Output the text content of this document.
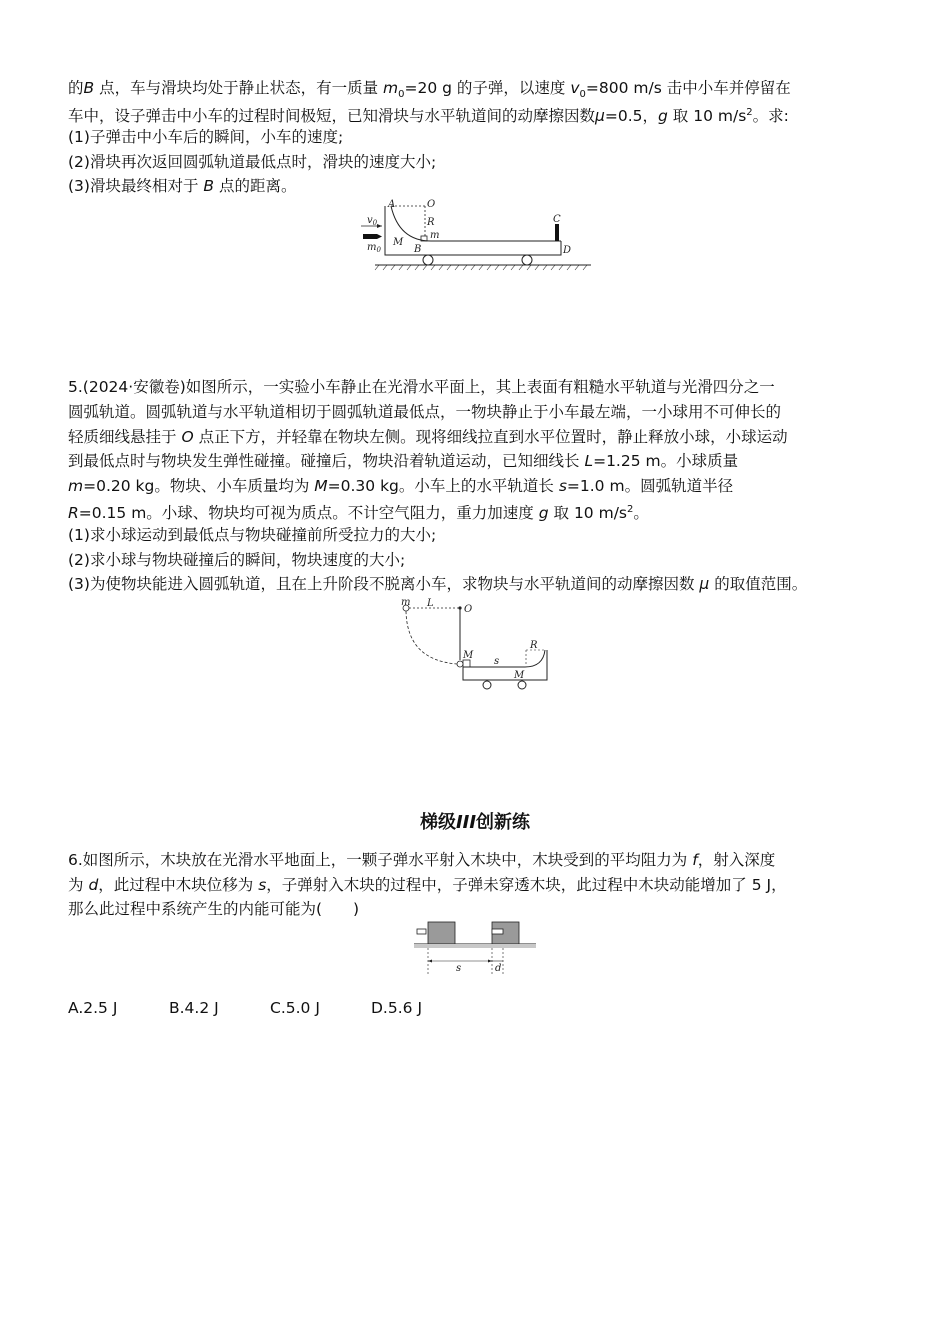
的B 点，车与滑块均处于静止状态，有一质量 $m_0=20$ g 的子弹，以速度 $v_0=800$ m/s 击中小车并停留在
车中，设子弹击中小车的过程时间极短，已知滑块与水平轨道间的动摩擦因数μ=0.5，g 取 10 $m/s^2$。求:
(1)子弹击中小车后的瞬间，小车的速度;
(2)滑块再次返回圆弧轨道最低点时，滑块的速度大小;
(3)滑块最终相对于 B 点的距离。
A	O
R
m
C
$v_0$
M
$m_0$	B	D
5.(2024·安徽卷)如图所示，一实验小车静止在光滑水平面上，其上表面有粗糙水平轨道与光滑四分之一
圆弧轨道。圆弧轨道与水平轨道相切于圆弧轨道最低点，一物块静止于小车最左端，一小球用不可伸长的
轻质细线悬挂于 O 点正下方，并轻靠在物块左侧。现将细线拉直到水平位置时，静止释放小球，小球运动
到最低点时与物块发生弹性碰撞。碰撞后，物块沿着轨道运动，已知细线长 L=1.25 m。小球质量
m=0.20 kg。物块、小车质量均为 M=0.30 kg。小车上的水平轨道长 s=1.0 m。圆弧轨道半径
R=0.15 m。小球、物块均可视为质点。不计空气阻力，重力加速度 g 取 10 $m/s^2$。
(1)求小球运动到最低点与物块碰撞前所受拉力的大小;
(2)求小球与物块碰撞后的瞬间，物块速度的大小;
(3)为使物块能进入圆弧轨道，且在上升阶段不脱离小车，求物块与水平轨道间的动摩擦因数 μ 的取值范围。
m L
O
R
M
s
M
梯级III创新练
6.如图所示，木块放在光滑水平地面上，一颗子弹水平射入木块中，木块受到的平均阻力为 f，射入深度
为 d，此过程中木块位移为 s，子弹射入木块的过程中，子弹未穿透木块，此过程中木块动能增加了 5 J，
那么此过程中系统产生的内能可能为(　　)
s	d
A.2.5 J	B.4.2 J	C.5.0 J	D.5.6 J
